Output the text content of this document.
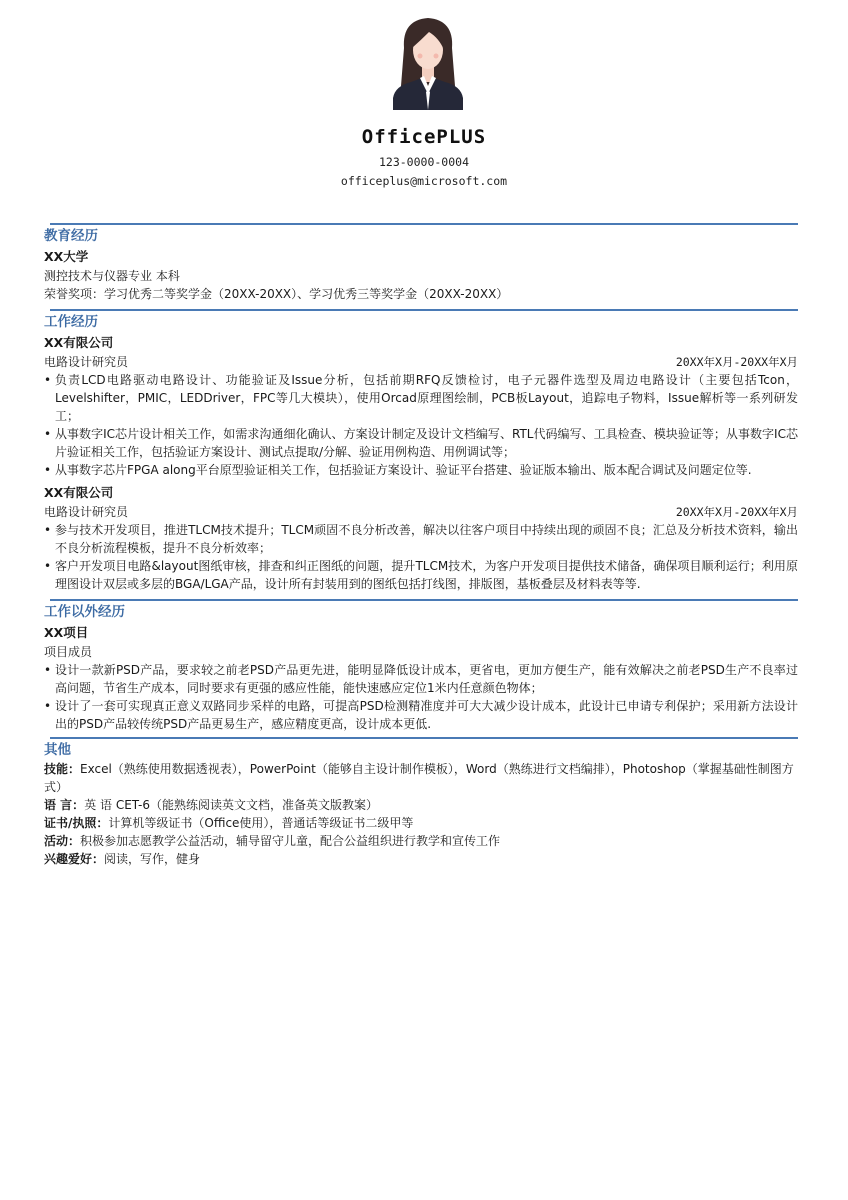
OfficePLUS
123-0000-0004
officeplus@microsoft.com
教育经历
XX大学
测控技术与仪器专业 本科
荣誉奖项：学习优秀二等奖学金（20XX-20XX）、学习优秀三等奖学金（20XX-20XX）
工作经历
XX有限公司
电路设计研究员	20XX年X月-20XX年X月
• 负责LCD电路驱动电路设计、功能验证及Issue分析，包括前期RFQ反馈检讨，电子元器件选型及周边电路设计（主要包括Tcon，Levelshifter，PMIC，LEDDriver，FPC等几大模块），使用Orcad原理图绘制，PCB板Layout，追踪电子物料，Issue解析等一系列研发工；
• 从事数字IC芯片设计相关工作，如需求沟通细化确认、方案设计制定及设计文档编写、RTL代码编写、工具检查、模块验证等；从事数字IC芯片验证相关工作，包括验证方案设计、测试点提取/分解、验证用例构造、用例调试等；
• 从事数字芯片FPGA along平台原型验证相关工作，包括验证方案设计、验证平台搭建、验证版本输出、版本配合调试及问题定位等.
XX有限公司
电路设计研究员	20XX年X月-20XX年X月
• 参与技术开发项目，推进TLCM技术提升；TLCM顽固不良分析改善，解决以往客户项目中持续出现的顽固不良；汇总及分析技术资料，输出不良分析流程模板，提升不良分析效率；
• 客户开发项目电路&layout图纸审核，排查和纠正图纸的问题，提升TLCM技术，为客户开发项目提供技术储备，确保项目顺利运行；利用原理图设计双层或多层的BGA/LGA产品，设计所有封装用到的图纸包括打线图，排版图，基板叠层及材料表等等.
工作以外经历
XX项目
项目成员
• 设计一款新PSD产品，要求较之前老PSD产品更先进，能明显降低设计成本，更省电，更加方便生产，能有效解决之前老PSD生产不良率过高问题，节省生产成本，同时要求有更强的感应性能，能快速感应定位1米内任意颜色物体；
• 设计了一套可实现真正意义双路同步采样的电路，可提高PSD检测精准度并可大大减少设计成本，此设计已申请专利保护；采用新方法设计出的PSD产品较传统PSD产品更易生产，感应精度更高，设计成本更低.
其他
技能：Excel（熟练使用数据透视表），PowerPoint（能够自主设计制作模板），Word（熟练进行文档编排），Photoshop（掌握基础性制图方式）
语 言：英 语 CET-6（能熟练阅读英文文档，准备英文版教案）
证书/执照：计算机等级证书（Office使用），普通话等级证书二级甲等
活动：积极参加志愿教学公益活动，辅导留守儿童，配合公益组织进行教学和宣传工作
兴趣爱好：阅读，写作，健身
